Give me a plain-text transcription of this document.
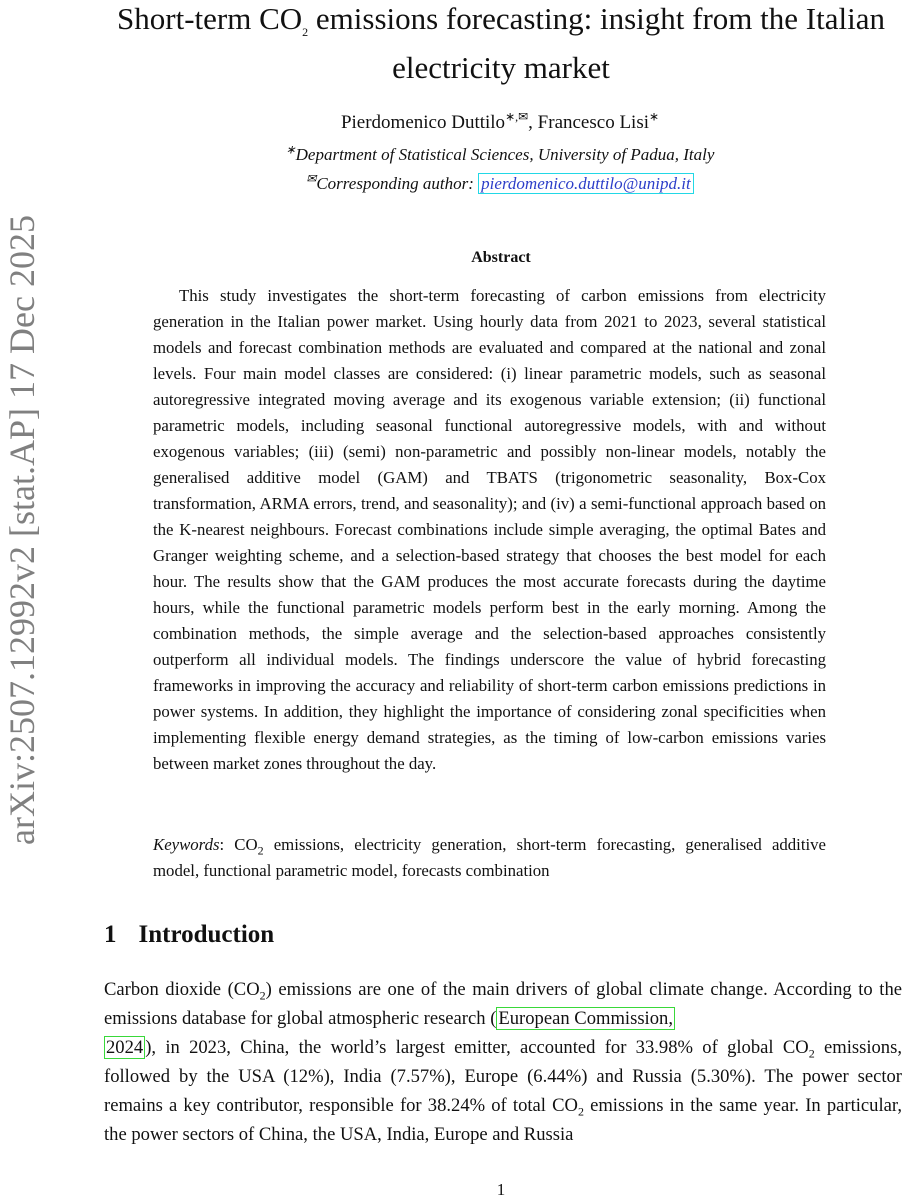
arXiv:2507.12992v2 [stat.AP] 17 Dec 2025
Short-term $CO_2$ emissions forecasting: insight from the Italian
electricity market
Pierdomenico Duttilo∗,✉, Francesco Lisi∗
∗Department of Statistical Sciences, University of Padua, Italy
✉Corresponding author: pierdomenico.duttilo@unipd.it
Abstract

This study investigates the short-term forecasting of carbon emissions from electricity generation in the Italian power market. Using hourly data from 2021 to 2023, several statistical models and forecast combination methods are evaluated and compared at the national and zonal levels. Four main model classes are considered: (i) linear parametric models, such as seasonal autoregressive integrated moving average and its exogenous variable extension; (ii) functional parametric models, including seasonal functional autoregressive models, with and without exogenous variables; (iii) (semi) non-parametric and possibly non-linear models, notably the generalised additive model (GAM) and TBATS (trigonometric seasonality, Box-Cox transformation, ARMA errors, trend, and seasonality); and (iv) a semi-functional approach based on the K-nearest neighbours. Forecast combinations include simple averaging, the optimal Bates and Granger weighting scheme, and a selection-based strategy that chooses the best model for each hour. The results show that the GAM produces the most accurate forecasts during the daytime hours, while the functional parametric models perform best in the early morning. Among the combination methods, the simple average and the selection-based approaches consistently outperform all individual models. The findings underscore the value of hybrid forecasting frameworks in improving the accuracy and reliability of short-term carbon emissions predictions in power systems. In addition, they highlight the importance of considering zonal specificities when implementing flexible energy demand strategies, as the timing of low-carbon emissions varies between market zones throughout the day.

Keywords: $CO_2$ emissions, electricity generation, short-term forecasting, generalised additive model, functional parametric model, forecasts combination

1 Introduction

Carbon dioxide $(CO_2)$ emissions are one of the main drivers of global climate change. According to the emissions database for global atmospheric research ( European Commission,
2024 ), in 2023, China, the world’s largest emitter, accounted for 33.98% of global $CO_2$ emissions, followed by the USA (12%), India (7.57%), Europe (6.44%) and Russia (5.30%). The power sector remains a key contributor, responsible for 38.24% of total $CO_2$ emissions in the same year. In particular, the power sectors of China, the USA, India, Europe and Russia

1
